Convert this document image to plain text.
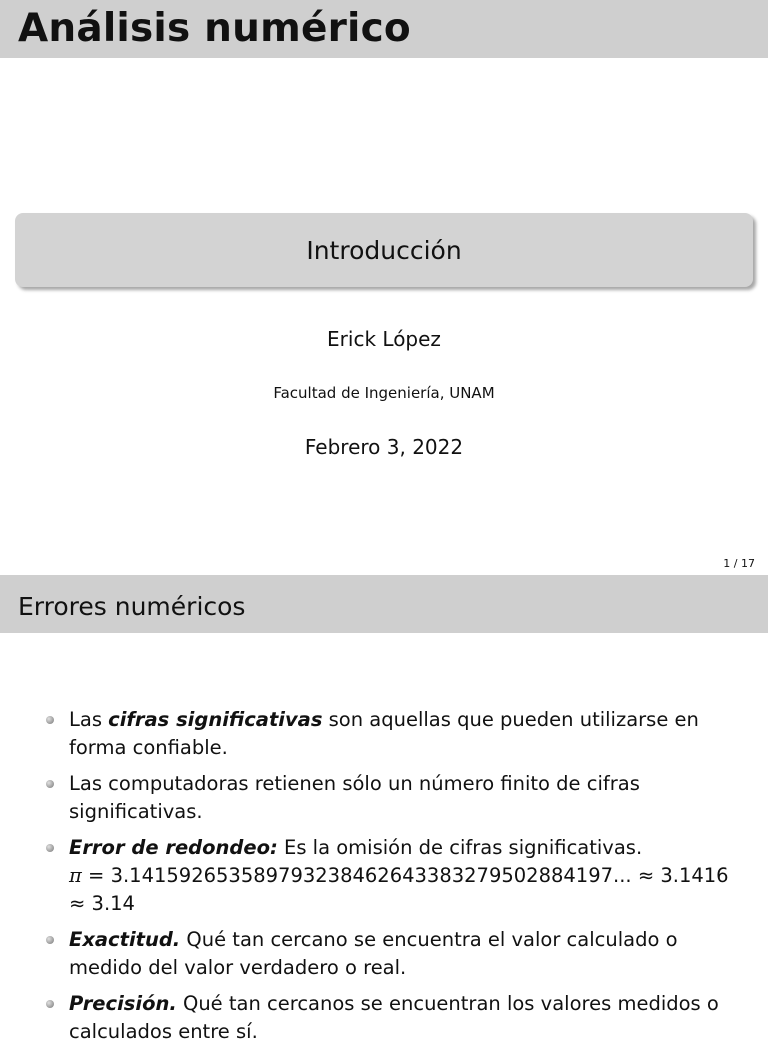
Análisis numérico
Introducción
Erick López
Facultad de Ingeniería, UNAM
Febrero 3, 2022
1 / 17
Errores numéricos
Las cifras significativas son aquellas que pueden utilizarse en forma confiable.
Las computadoras retienen sólo un número finito de cifras significativas.
Error de redondeo: Es la omisión de cifras significativas.
π = 3.14159265358979323846264338327950288419​7... ≈ 3.1416 ≈ 3.14
Exactitud. Qué tan cercano se encuentra el valor calculado o medido del valor verdadero o real.
Precisión. Qué tan cercanos se encuentran los valores medidos o calculados entre sí.
